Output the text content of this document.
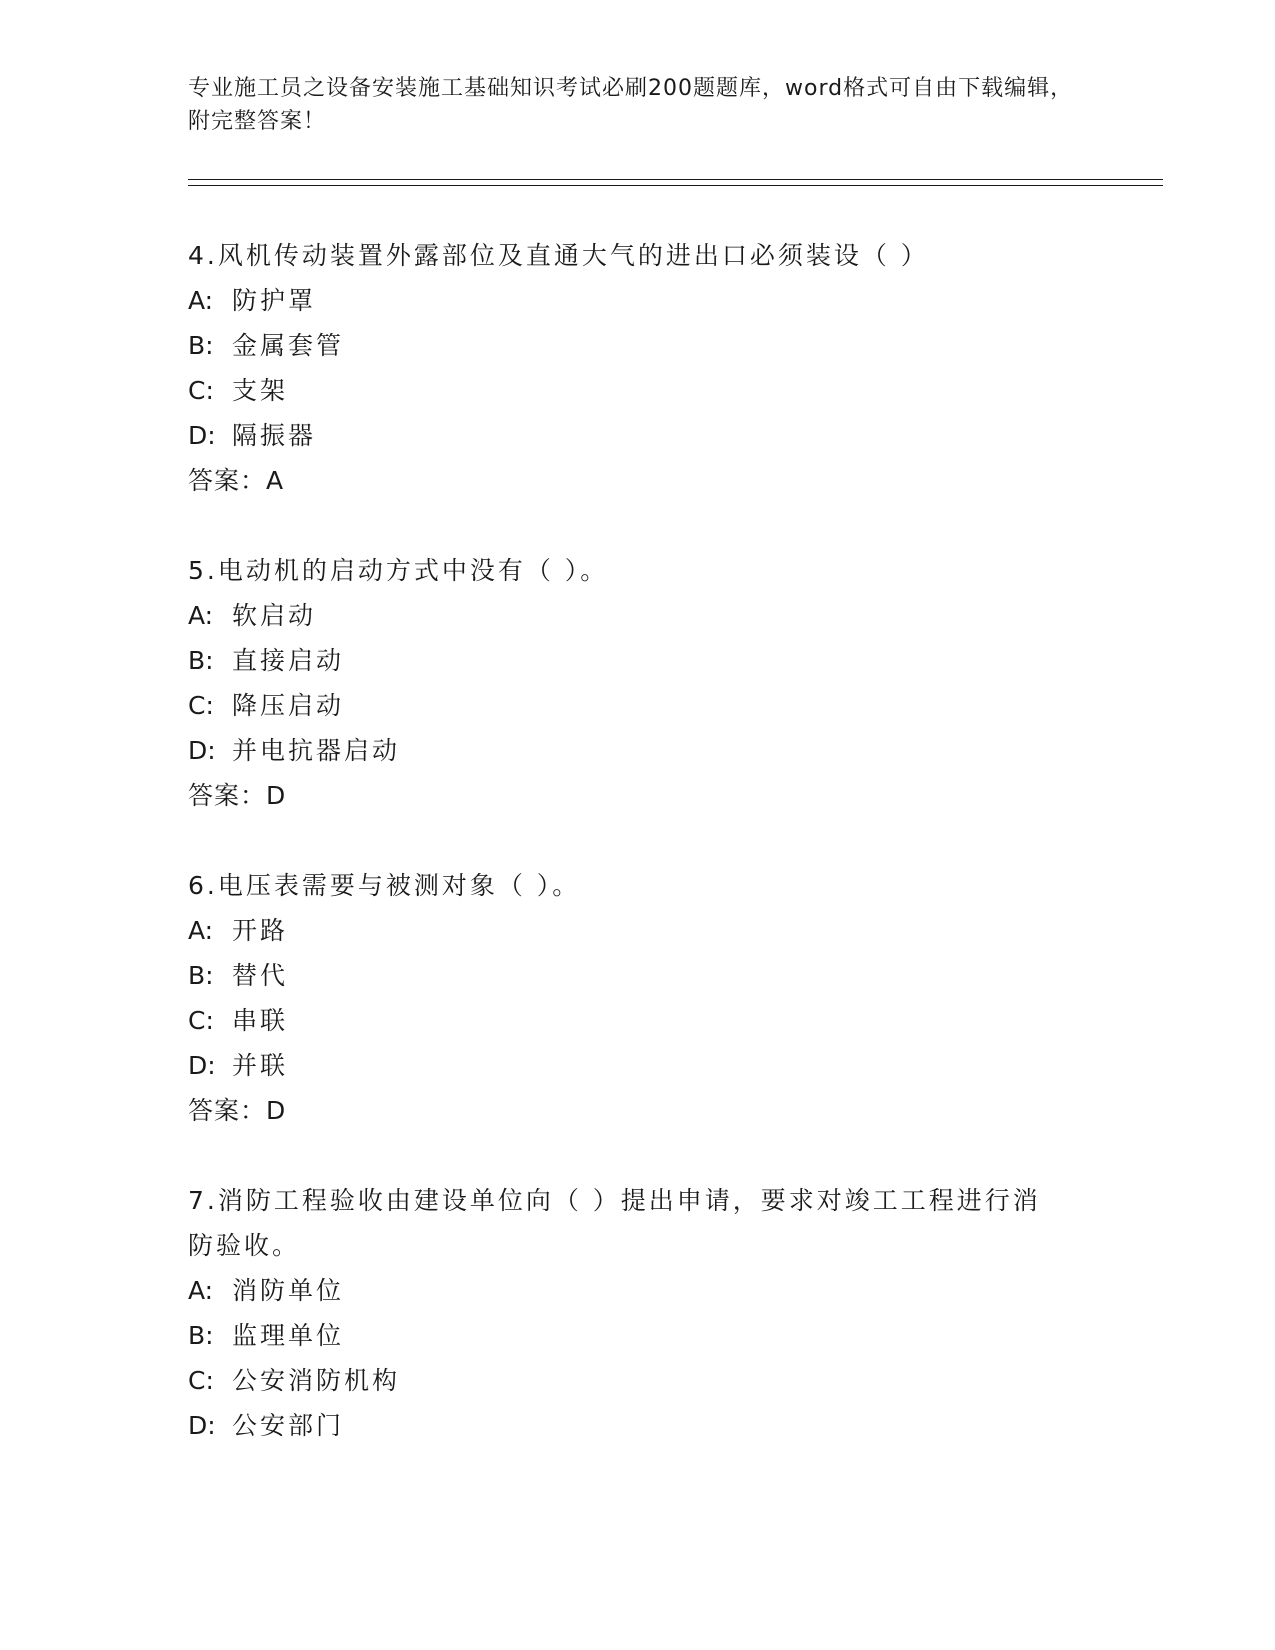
专业施工员之设备安装施工基础知识考试必刷200题题库，word格式可自由下载编辑，附完整答案！
4.风机传动装置外露部位及直通大气的进出口必须装设（ ）
A: 防护罩
B: 金属套管
C: 支架
D: 隔振器
答案：A
5.电动机的启动方式中没有（ ）。
A: 软启动
B: 直接启动
C: 降压启动
D: 并电抗器启动
答案：D
6.电压表需要与被测对象（ ）。
A: 开路
B: 替代
C: 串联
D: 并联
答案：D
7.消防工程验收由建设单位向（ ）提出申请，要求对竣工工程进行消防验收。
A: 消防单位
B: 监理单位
C: 公安消防机构
D: 公安部门
